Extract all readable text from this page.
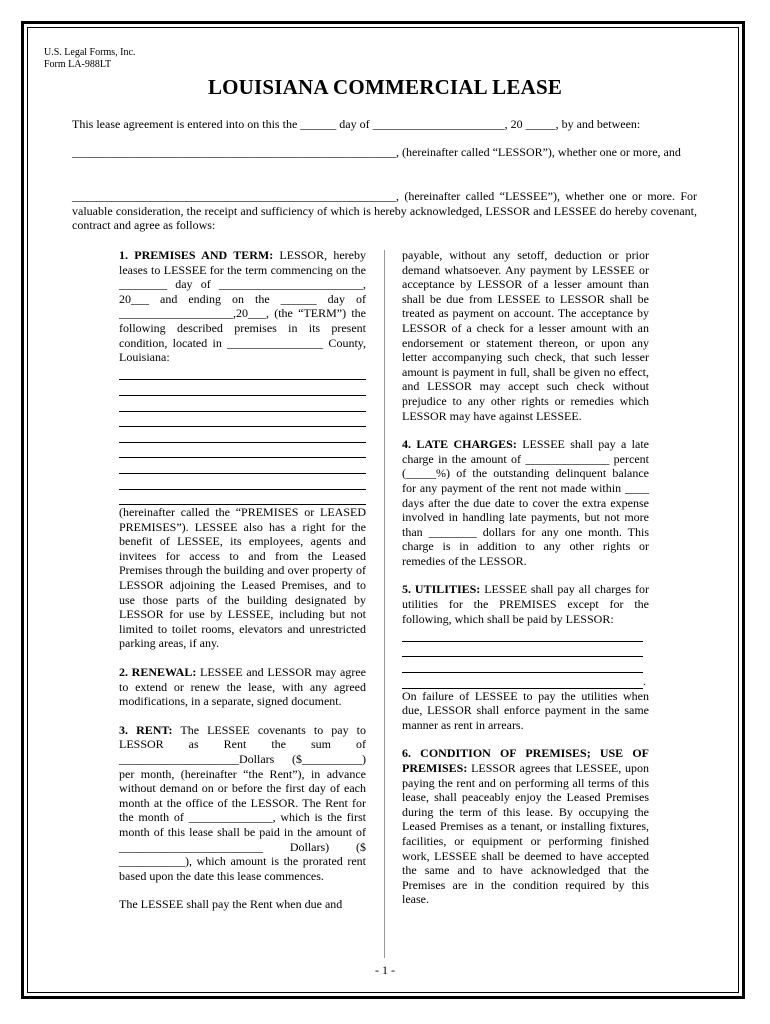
U.S. Legal Forms, Inc.
Form LA-988LT
LOUISIANA COMMERCIAL LEASE

This lease agreement is entered into on this the ______ day of ______________________, 20 _____, by and between:

______________________________________________________, (hereinafter called “LESSOR”), whether one or more, and

______________________________________________________, (hereinafter called “LESSEE”), whether one or more. For valuable consideration, the receipt and sufficiency of which is hereby acknowledged, LESSOR and LESSEE do hereby covenant, contract and agree as follows:

1. PREMISES AND TERM: LESSOR, hereby leases to LESSEE for the term commencing on the ________ day of ________________________, 20___ and ending on the ______ day of ___________________,20___, (the “TERM”) the following described premises in its present condition, located in ________________ County, Louisiana:

(hereinafter called the “PREMISES or LEASED PREMISES”). LESSEE also has a right for the benefit of LESSEE, its employees, agents and invitees for access to and from the Leased Premises through the building and over property of LESSOR adjoining the Leased Premises, and to use those parts of the building designated by LESSOR for use by LESSEE, including but not limited to toilet rooms, elevators and unrestricted parking areas, if any.

2. RENEWAL: LESSEE and LESSOR may agree to extend or renew the lease, with any agreed modifications, in a separate, signed document.

3. RENT: The LESSEE covenants to pay to LESSOR as Rent the sum of ____________________Dollars ($__________) per month, (hereinafter “the Rent”), in advance without demand on or before the first day of each month at the office of the LESSOR. The Rent for the month of ______________, which is the first month of this lease shall be paid in the amount of ________________________ Dollars) ($ ___________), which amount is the prorated rent based upon the date this lease commences.

The LESSEE shall pay the Rent when due and

payable, without any setoff, deduction or prior demand whatsoever. Any payment by LESSEE or acceptance by LESSOR of a lesser amount than shall be due from LESSEE to LESSOR shall be treated as payment on account. The acceptance by LESSOR of a check for a lesser amount with an endorsement or statement thereon, or upon any letter accompanying such check, that such lesser amount is payment in full, shall be given no effect, and LESSOR may accept such check without prejudice to any other rights or remedies which LESSOR may have against LESSEE.

4. LATE CHARGES: LESSEE shall pay a late charge in the amount of ______________ percent (_____%) of the outstanding delinquent balance for any payment of the rent not made within ____ days after the due date to cover the extra expense involved in handling late payments, but not more than ________ dollars for any one month. This charge is in addition to any other rights or remedies of the LESSOR.

5. UTILITIES: LESSEE shall pay all charges for utilities for the PREMISES except for the following, which shall be paid by LESSOR:

.

On failure of LESSEE to pay the utilities when due, LESSOR shall enforce payment in the same manner as rent in arrears.

6. CONDITION OF PREMISES; USE OF PREMISES: LESSOR agrees that LESSEE, upon paying the rent and on performing all terms of this lease, shall peaceably enjoy the Leased Premises during the term of this lease. By occupying the Leased Premises as a tenant, or installing fixtures, facilities, or equipment or performing finished work, LESSEE shall be deemed to have accepted the same and to have acknowledged that the Premises are in the condition required by this lease.

- 1 -
